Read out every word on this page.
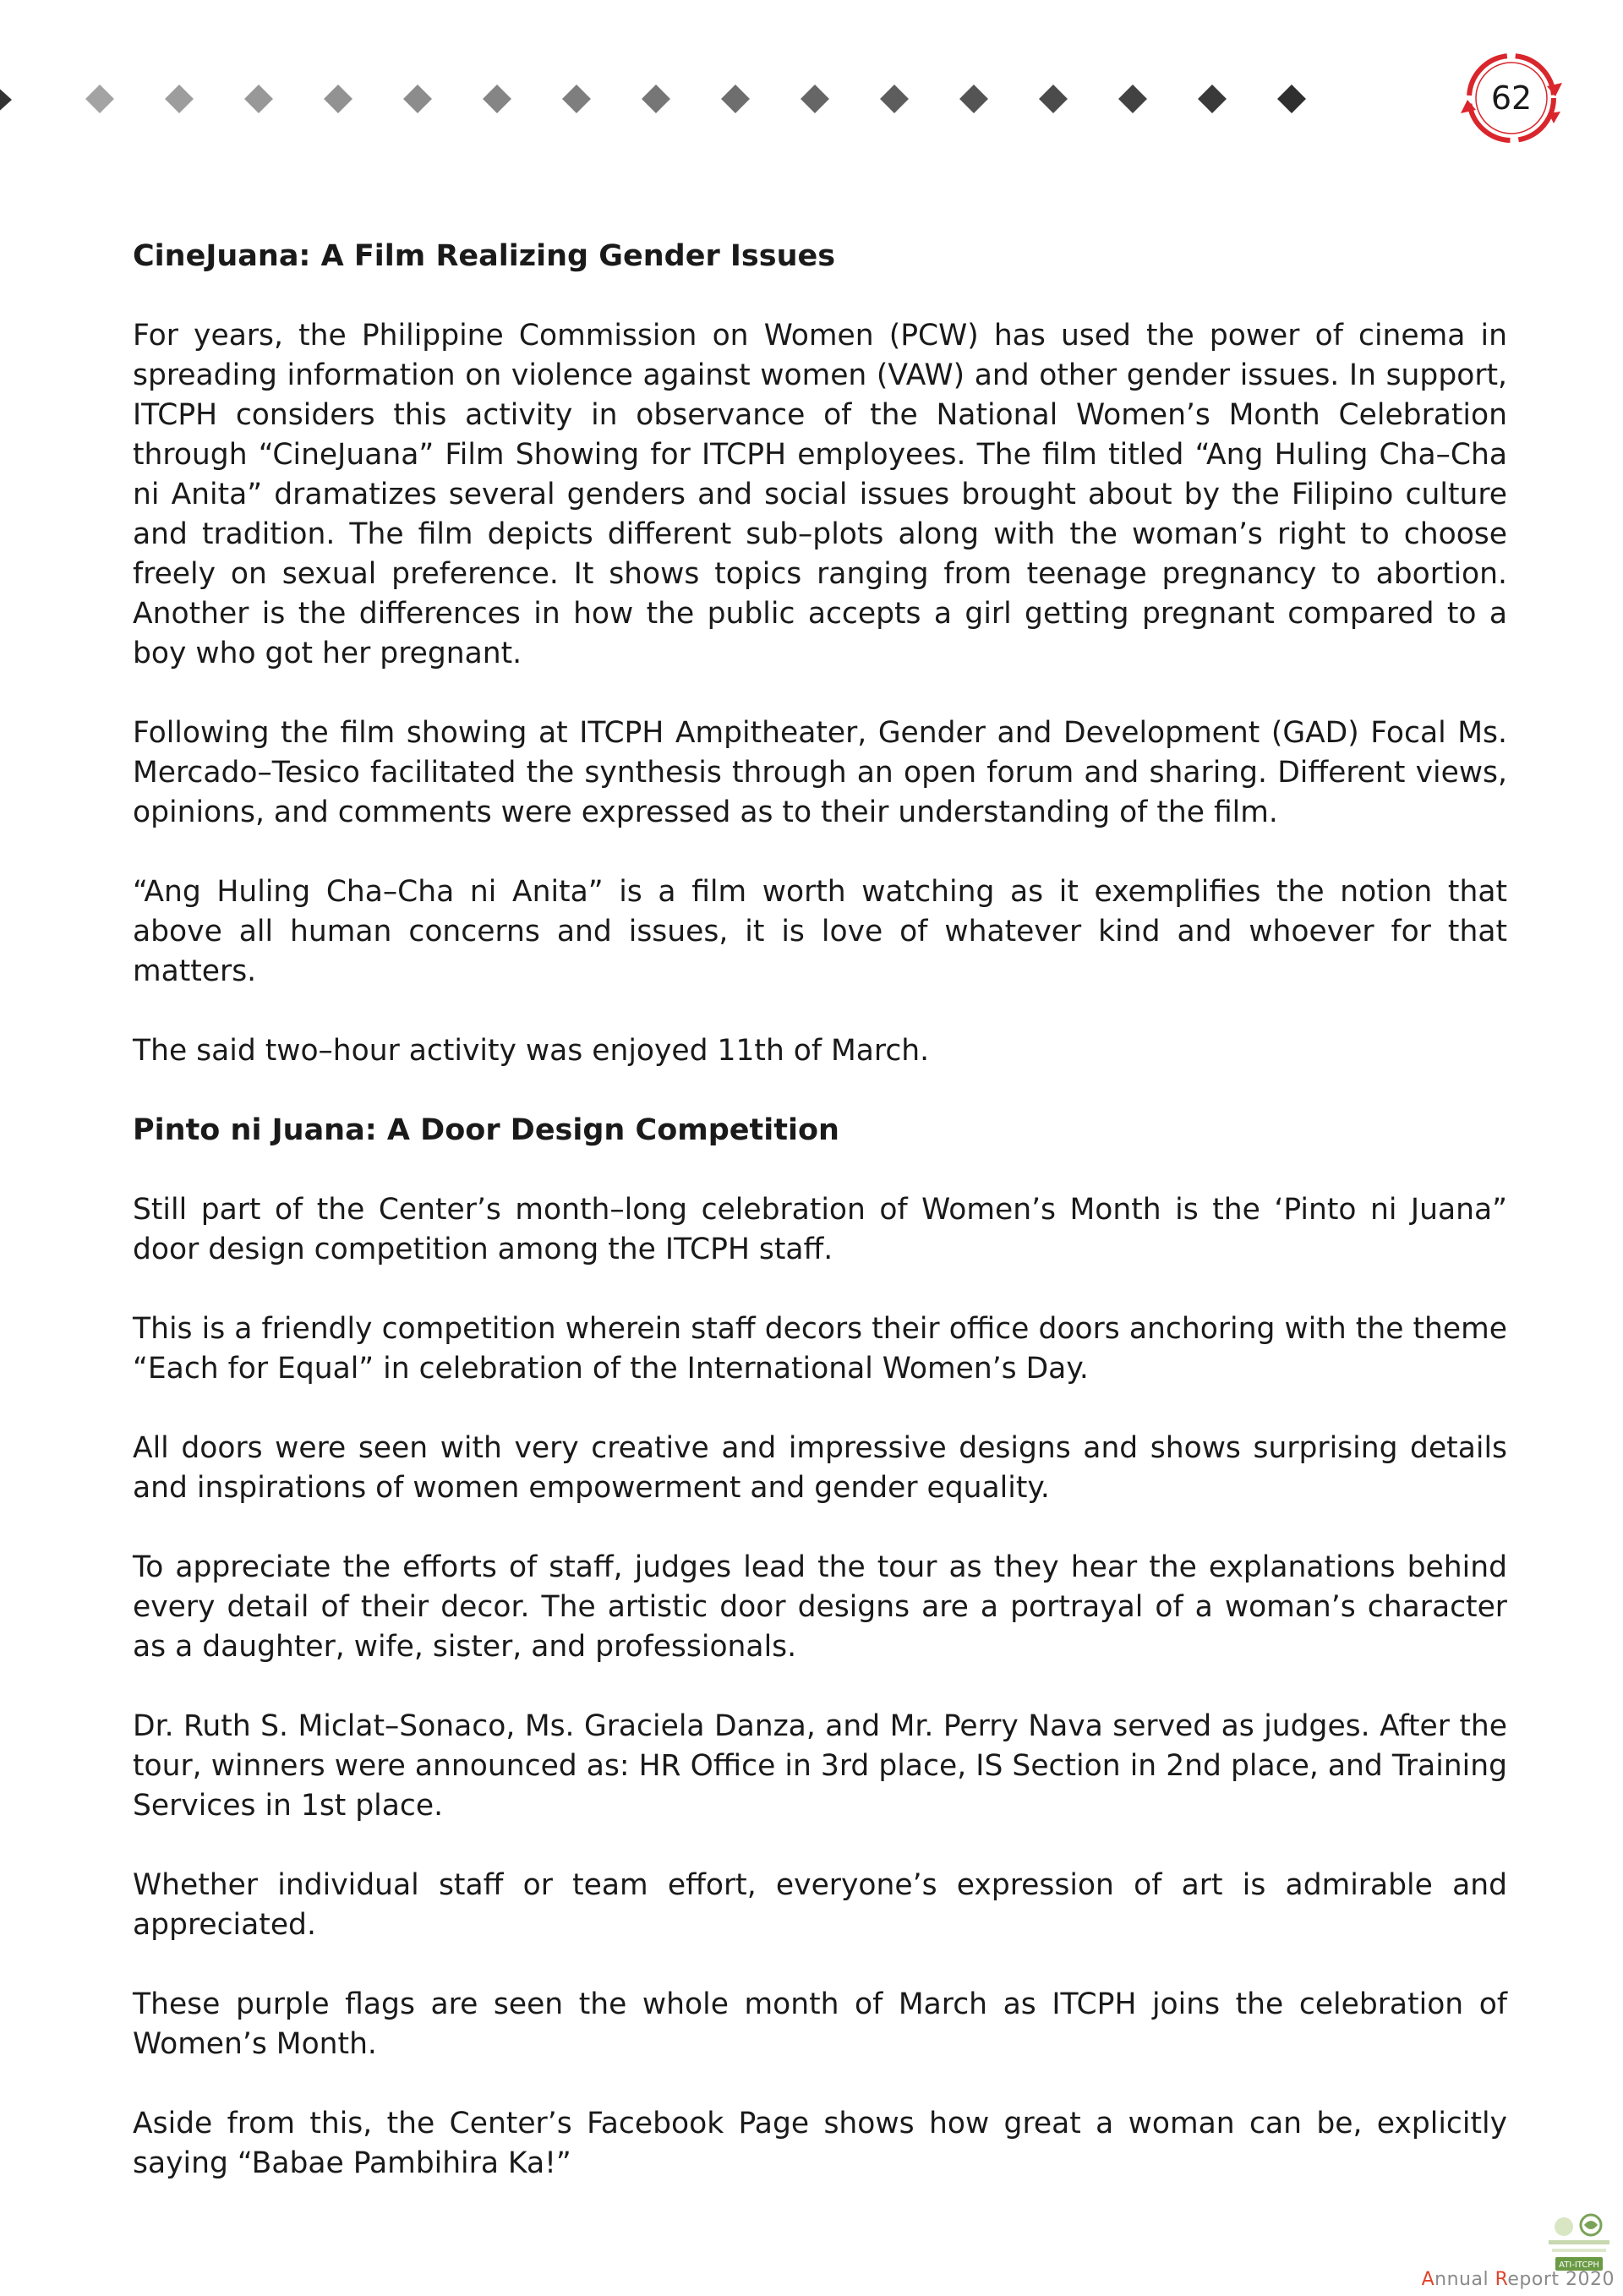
62
CineJuana: A Film Realizing Gender Issues

For years, the Philippine Commission on Women (PCW) has used the power of cinema in spreading information on violence against women (VAW) and other gender issues. In support, ITCPH considers this activity in observance of the National Women’s Month Celebration through “CineJuana” Film Showing for ITCPH employees. The film titled “Ang Huling Cha–Cha ni Anita” dramatizes several genders and social issues brought about by the Filipino culture and tradition. The film depicts different sub–plots along with the woman’s right to choose freely on sexual preference. It shows topics ranging from teenage pregnancy to abortion. Another is the differences in how the public accepts a girl getting pregnant compared to a boy who got her pregnant.

Following the film showing at ITCPH Ampitheater, Gender and Development (GAD) Focal Ms. Mercado–Tesico facilitated the synthesis through an open forum and sharing. Different views, opinions, and comments were expressed as to their understanding of the film.

“Ang Huling Cha–Cha ni Anita” is a film worth watching as it exemplifies the notion that above all human concerns and issues, it is love of whatever kind and whoever for that matters.

The said two–hour activity was enjoyed 11th of March.

Pinto ni Juana: A Door Design Competition

Still part of the Center’s month–long celebration of Women’s Month is the ‘Pinto ni Juana” door design competition among the ITCPH staff.

This is a friendly competition wherein staff decors their office doors anchoring with the theme “Each for Equal” in celebration of the International Women’s Day.

All doors were seen with very creative and impressive designs and shows surprising details and inspirations of women empowerment and gender equality.

To appreciate the efforts of staff, judges lead the tour as they hear the explanations behind every detail of their decor. The artistic door designs are a portrayal of a woman’s character as a daughter, wife, sister, and professionals.

Dr. Ruth S. Miclat–Sonaco, Ms. Graciela Danza, and Mr. Perry Nava served as judges. After the tour, winners were announced as: HR Office in 3rd place, IS Section in 2nd place, and Training Services in 1st place.

Whether individual staff or team effort, everyone’s expression of art is admirable and appreciated.

These purple flags are seen the whole month of March as ITCPH joins the celebration of Women’s Month.

Aside from this, the Center’s Facebook Page shows how great a woman can be, explicitly saying “Babae Pambihira Ka!”

ATI-ITCPH
Annual Report 2020
